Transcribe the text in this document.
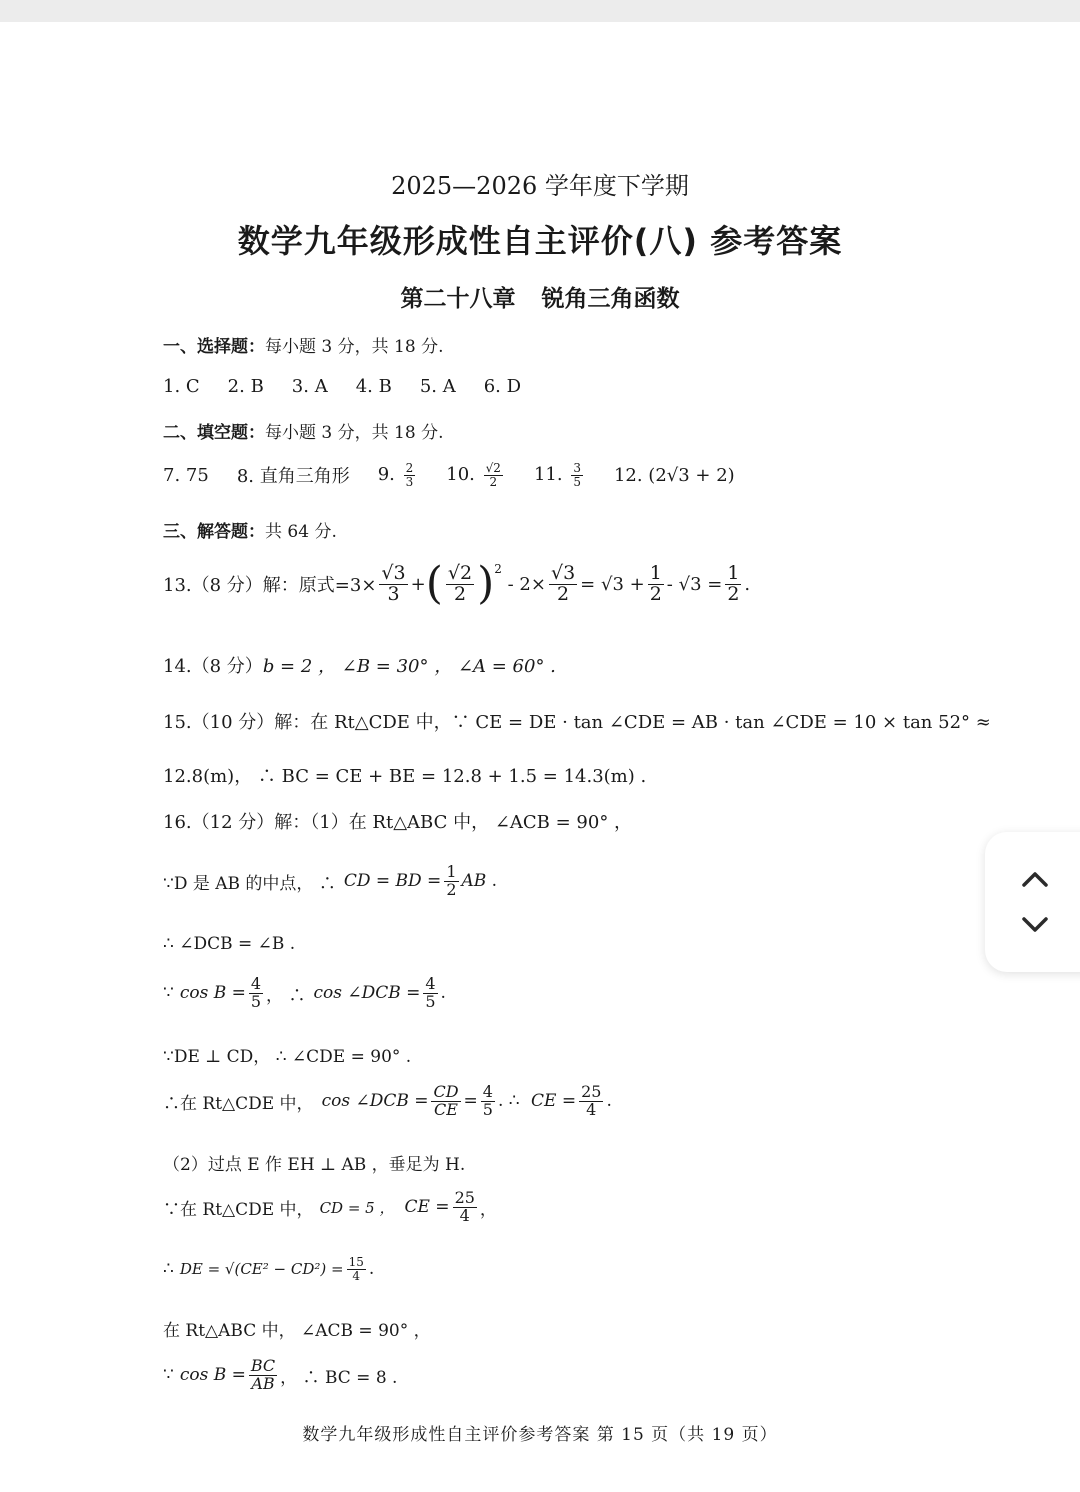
2025—2026 学年度下学期
数学九年级形成性自主评价(八) 参考答案
第二十八章 锐角三角函数
一、选择题： 每小题 3 分，共 18 分.
1. C 2. B 3. A 4. B 5. A 6. D
二、填空题： 每小题 3 分，共 18 分.
7. 75 8. 直角三角形 9. $\frac{2}{3} 10$. $\frac{√2}{2} 11$. $\frac{3}{5} 12$. (2√3 + 2)
三、解答题： 共 64 分.
13.（8 分）解：原式$=3\times \frac{√3}{3}$ + ( $\frac{√2}{2}$ ) 2
- $2\times \frac{√3}{2} = √3 + \frac{1}{2} - √3 = \frac{1}{2}$ .
14.（8 分） b = 2 ， ∠B = 30° ， ∠A = 60° .
15.（10 分）解：在 Rt△CDE 中，∵ CE = DE · tan ∠CDE = AB · tan ∠CDE = 10 × tan 52° ≈
12.8(m)， ∴ BC = CE + BE = 12.8 + 1.5 = 14.3(m) .
16.（12 分）解：（1）在 Rt△ABC 中， ∠ACB = 90° ，
∵D 是 AB 的中点， ∴ CD = BD = $\frac{1}{2}$ AB .
∴ ∠DCB = ∠B .
∵ $\cos B = \frac{4}{5}$ ， ∴ cos ∠DCB = $\frac{4}{5}$ .
∵DE ⊥ CD， ∴ ∠CDE = 90° .
∴在 Rt△CDE 中， cos ∠DCB = $\frac{CD}{CE} = \frac{4}{5}$ . ∴ CE = $\frac{25}{4}$ .
（2）过点 E 作 EH ⊥ AB ，垂足为 H.
∵在 Rt△CDE 中， CD = 5 ， CE = $\frac{25}{4}$ ，
∴ DE = $√(CE^2 - CD^2) = \frac{15}{4}$ .
在 Rt△ABC 中， ∠ACB = 90° ，
∵ $\cos B = \frac{BC}{AB}$ ， ∴ BC = 8 .
数学九年级形成性自主评价参考答案 第 15 页（共 19 页）
